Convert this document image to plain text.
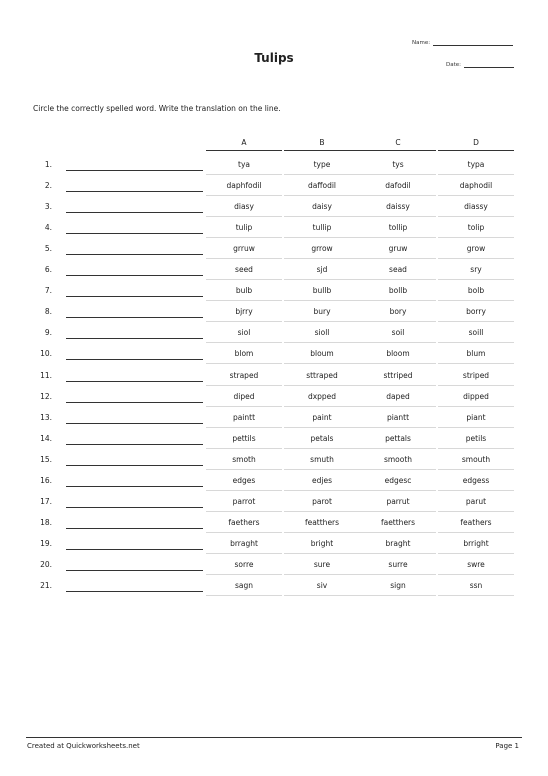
Tulips
Name:
Date:
Circle the correctly spelled word. Write the translation on the line.
A	B	C	D
1.	tya	type	tys	typa
2.	daphfodil	daffodil	dafodil	daphodil
3.	diasy	daisy	daissy	diassy
4.	tulip	tullip	tollip	tolip
5.	grruw	grrow	gruw	grow
6.	seed	sjd	sead	sry
7.	bulb	bullb	bollb	bolb
8.	bjrry	bury	bory	borry
9.	siol	sioll	soil	soill
10.	blom	bloum	bloom	blum
11.	straped	sttraped	sttriped	striped
12.	diped	dxpped	daped	dipped
13.	paintt	paint	piantt	piant
14.	pettils	petals	pettals	petils
15.	smoth	smuth	smooth	smouth
16.	edges	edjes	edgesc	edgess
17.	parrot	parot	parrut	parut
18.	faethers	featthers	faetthers	feathers
19.	brraght	bright	braght	brright
20.	sorre	sure	surre	swre
21.	sagn	siv	sign	ssn
Created at Quickworksheets.net	Page 1
